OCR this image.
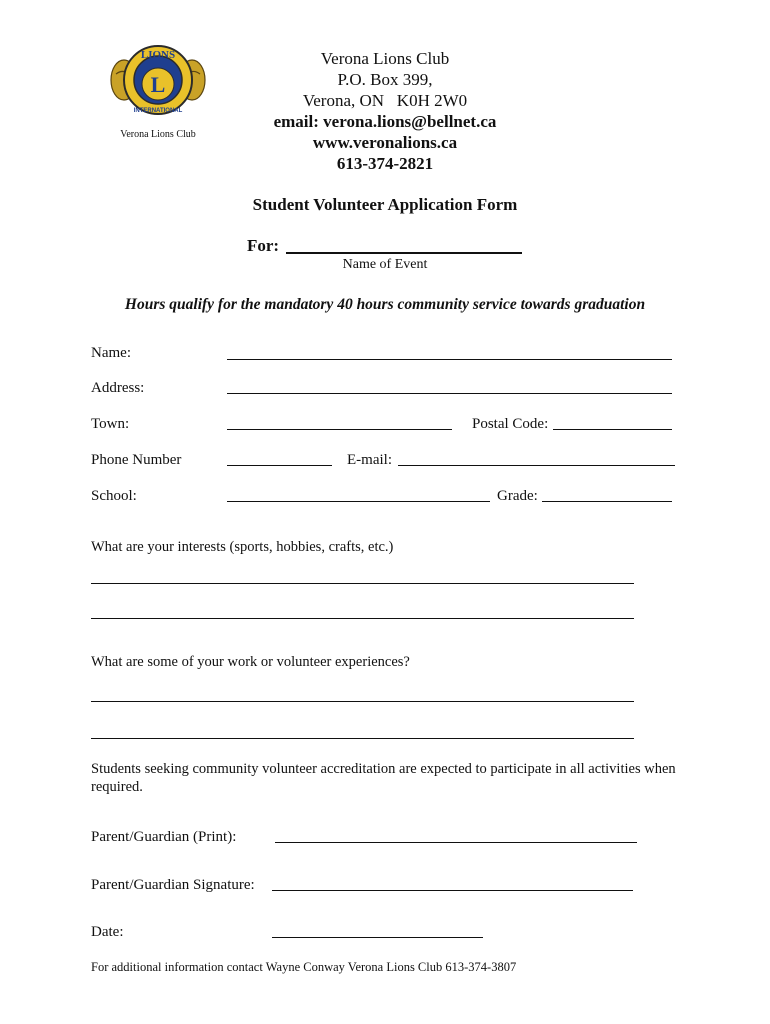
LIONS
L
INTERNATIONAL
Verona Lions Club
Verona Lions Club
P.O. Box 399,
Verona, ON   K0H 2W0
email: verona.lions@bellnet.ca
www.veronalions.ca
613-374-2821
Student Volunteer Application Form
For:
Name of Event
Hours qualify for the mandatory 40 hours community service towards graduation
Name:
Address:
Town:	Postal Code:
Phone Number	E-mail:
School:	Grade:
What are your interests (sports, hobbies, crafts, etc.)
What are some of your work or volunteer experiences?
Students seeking community volunteer accreditation are expected to participate in all activities when required.
Parent/Guardian (Print):
Parent/Guardian Signature:
Date:
For additional information contact Wayne Conway Verona Lions Club 613-374-3807
